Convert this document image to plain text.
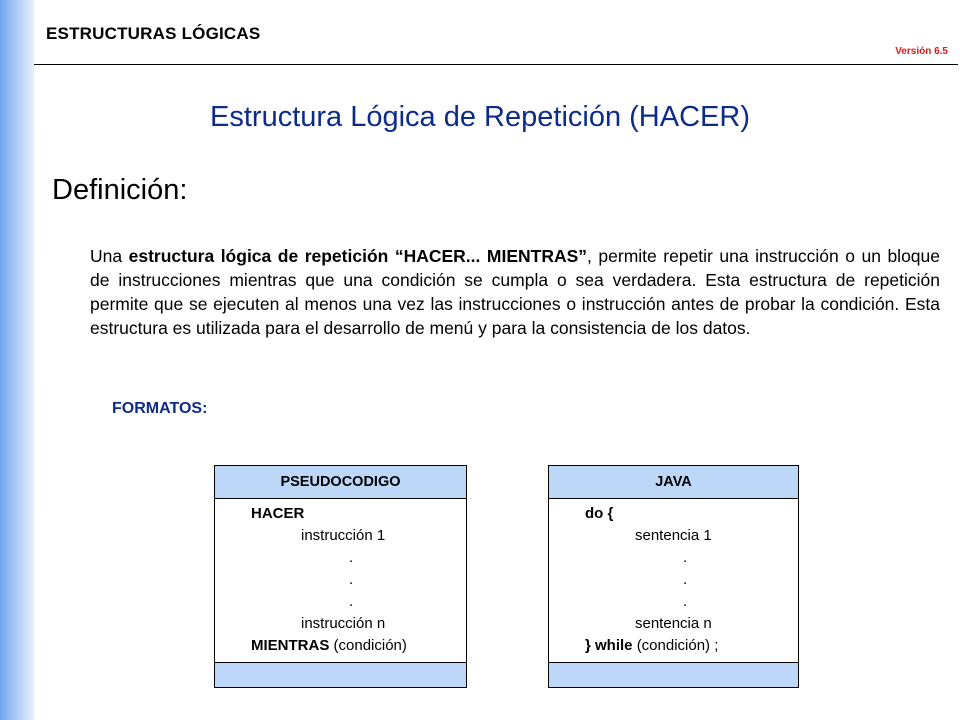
ESTRUCTURAS LÓGICAS
Versión 6.5
Estructura Lógica de Repetición (HACER)
Definición:
Una estructura lógica de repetición “HACER... MIENTRAS”, permite repetir una instrucción o un bloque de instrucciones mientras que una condición se cumpla o sea verdadera. Esta estructura de repetición permite que se ejecuten al menos una vez las instrucciones o instrucción antes de probar la condición. Esta estructura es utilizada para el desarrollo de menú y para la consistencia de los datos.
FORMATOS:
PSEUDOCODIGO
HACER
instrucción 1
.
.
.
instrucción n
MIENTRAS (condición)
JAVA
do {
sentencia 1
.
.
.
sentencia n
} while (condición) ;
